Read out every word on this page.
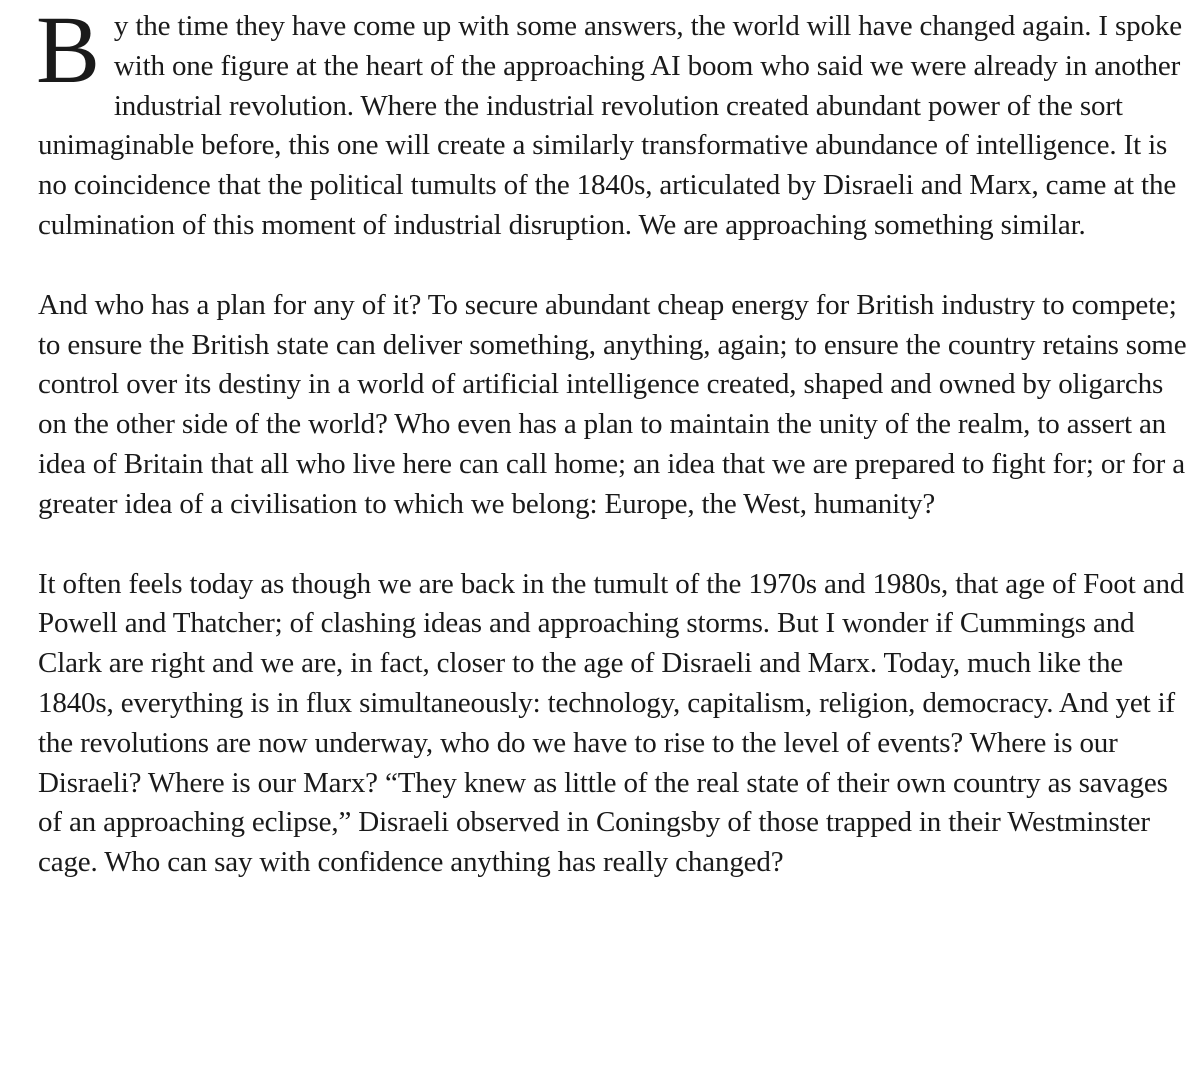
By the time they have come up with some answers, the world will have changed again. I spoke with one figure at the heart of the approaching AI boom who said we were already in another industrial revolution. Where the industrial revolution created abundant power of the sort unimaginable before, this one will create a similarly transformative abundance of intelligence. It is no coincidence that the political tumults of the 1840s, articulated by Disraeli and Marx, came at the culmination of this moment of industrial disruption. We are approaching something similar.

And who has a plan for any of it? To secure abundant cheap energy for British industry to compete; to ensure the British state can deliver something, anything, again; to ensure the country retains some control over its destiny in a world of artificial intelligence created, shaped and owned by oligarchs on the other side of the world? Who even has a plan to maintain the unity of the realm, to assert an idea of Britain that all who live here can call home; an idea that we are prepared to fight for; or for a greater idea of a civilisation to which we belong: Europe, the West, humanity?

It often feels today as though we are back in the tumult of the 1970s and 1980s, that age of Foot and Powell and Thatcher; of clashing ideas and approaching storms. But I wonder if Cummings and Clark are right and we are, in fact, closer to the age of Disraeli and Marx. Today, much like the 1840s, everything is in flux simultaneously: technology, capitalism, religion, democracy. And yet if the revolutions are now underway, who do we have to rise to the level of events? Where is our Disraeli? Where is our Marx? “They knew as little of the real state of their own country as savages of an approaching eclipse,” Disraeli observed in Coningsby of those trapped in their Westminster cage. Who can say with confidence anything has really changed?
